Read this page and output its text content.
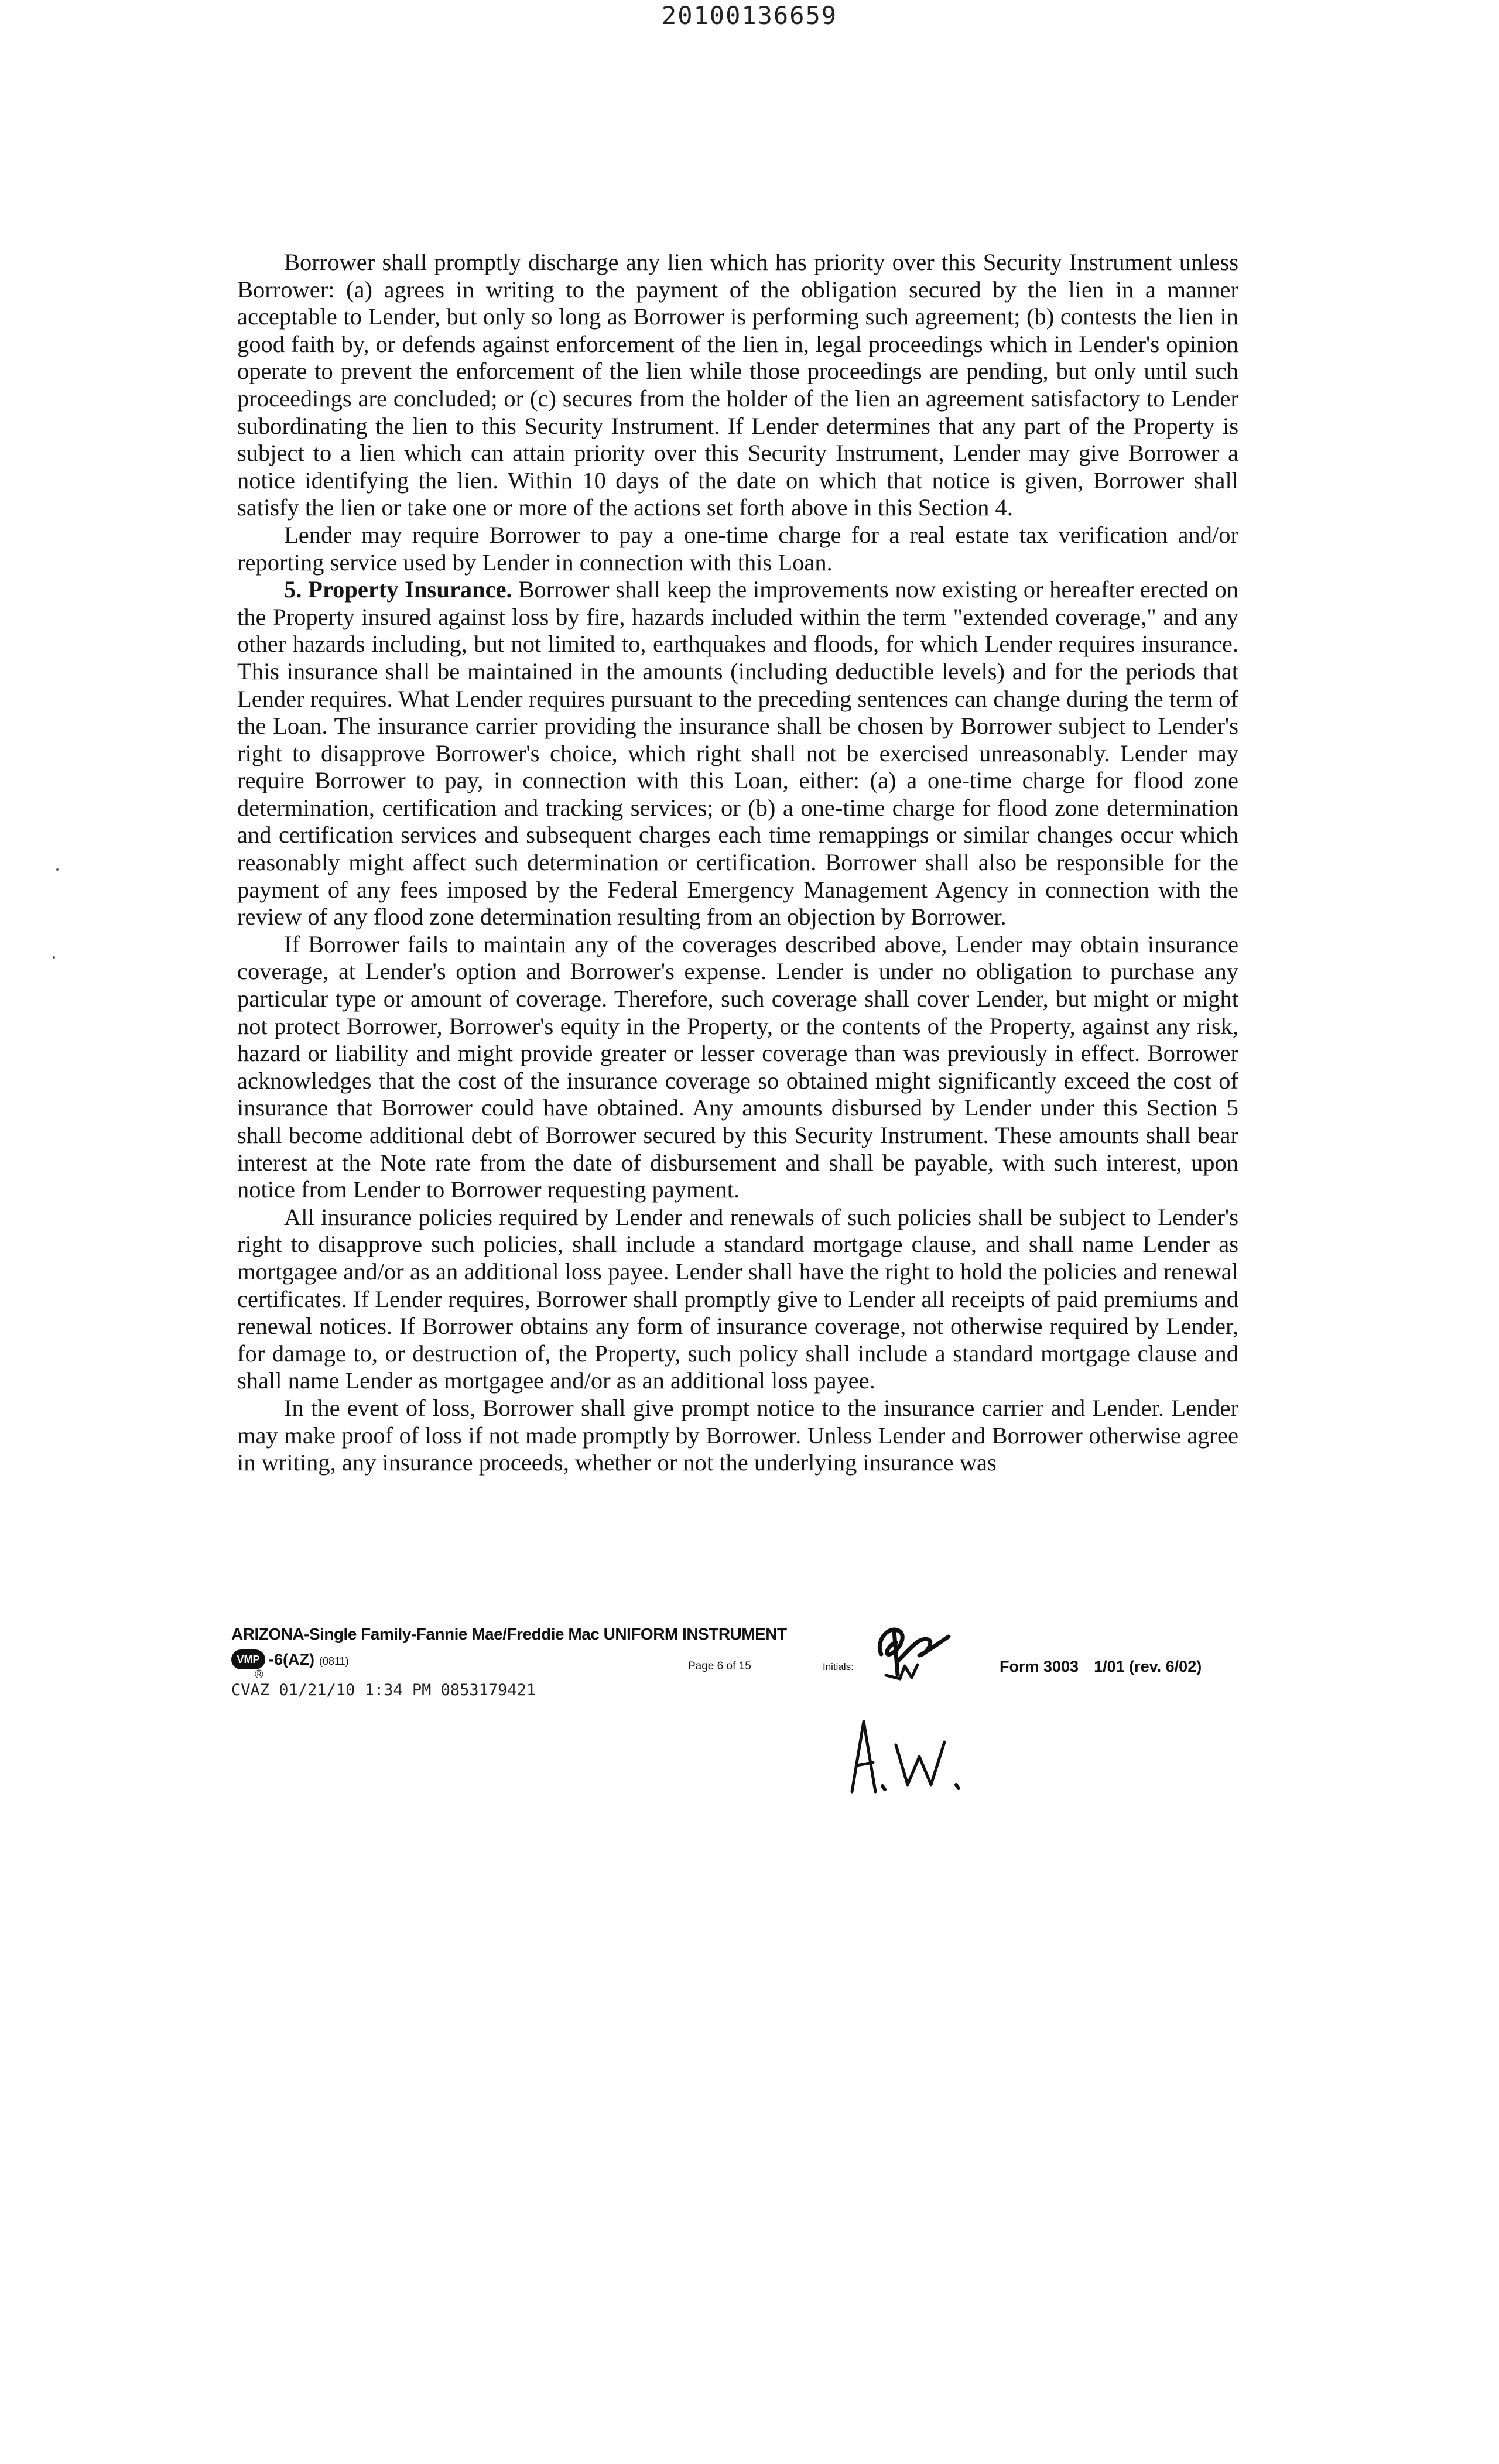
20100136659

Borrower shall promptly discharge any lien which has priority over this Security Instrument unless Borrower: (a) agrees in writing to the payment of the obligation secured by the lien in a manner acceptable to Lender, but only so long as Borrower is performing such agreement; (b) contests the lien in good faith by, or defends against enforcement of the lien in, legal proceedings which in Lender's opinion operate to prevent the enforcement of the lien while those proceedings are pending, but only until such proceedings are concluded; or (c) secures from the holder of the lien an agreement satisfactory to Lender subordinating the lien to this Security Instrument. If Lender determines that any part of the Property is subject to a lien which can attain priority over this Security Instrument, Lender may give Borrower a notice identifying the lien. Within 10 days of the date on which that notice is given, Borrower shall satisfy the lien or take one or more of the actions set forth above in this Section 4.

Lender may require Borrower to pay a one-time charge for a real estate tax verification and/or reporting service used by Lender in connection with this Loan.

5. Property Insurance. Borrower shall keep the improvements now existing or hereafter erected on the Property insured against loss by fire, hazards included within the term "extended coverage," and any other hazards including, but not limited to, earthquakes and floods, for which Lender requires insurance. This insurance shall be maintained in the amounts (including deductible levels) and for the periods that Lender requires. What Lender requires pursuant to the preceding sentences can change during the term of the Loan. The insurance carrier providing the insurance shall be chosen by Borrower subject to Lender's right to disapprove Borrower's choice, which right shall not be exercised unreasonably. Lender may require Borrower to pay, in connection with this Loan, either: (a) a one-time charge for flood zone determination, certification and tracking services; or (b) a one-time charge for flood zone determination and certification services and subsequent charges each time remappings or similar changes occur which reasonably might affect such determination or certification. Borrower shall also be responsible for the payment of any fees imposed by the Federal Emergency Management Agency in connection with the review of any flood zone determination resulting from an objection by Borrower.

If Borrower fails to maintain any of the coverages described above, Lender may obtain insurance coverage, at Lender's option and Borrower's expense. Lender is under no obligation to purchase any particular type or amount of coverage. Therefore, such coverage shall cover Lender, but might or might not protect Borrower, Borrower's equity in the Property, or the contents of the Property, against any risk, hazard or liability and might provide greater or lesser coverage than was previously in effect. Borrower acknowledges that the cost of the insurance coverage so obtained might significantly exceed the cost of insurance that Borrower could have obtained. Any amounts disbursed by Lender under this Section 5 shall become additional debt of Borrower secured by this Security Instrument. These amounts shall bear interest at the Note rate from the date of disbursement and shall be payable, with such interest, upon notice from Lender to Borrower requesting payment.

All insurance policies required by Lender and renewals of such policies shall be subject to Lender's right to disapprove such policies, shall include a standard mortgage clause, and shall name Lender as mortgagee and/or as an additional loss payee. Lender shall have the right to hold the policies and renewal certificates. If Lender requires, Borrower shall promptly give to Lender all receipts of paid premiums and renewal notices. If Borrower obtains any form of insurance coverage, not otherwise required by Lender, for damage to, or destruction of, the Property, such policy shall include a standard mortgage clause and shall name Lender as mortgagee and/or as an additional loss payee.

In the event of loss, Borrower shall give prompt notice to the insurance carrier and Lender. Lender may make proof of loss if not made promptly by Borrower. Unless Lender and Borrower otherwise agree in writing, any insurance proceeds, whether or not the underlying insurance was

ARIZONA-Single Family-Fannie Mae/Freddie Mac UNIFORM INSTRUMENT
VMP
®
-6(AZ) (0811)	Page 6 of 15	Initials:	Form 3003 1/01 (rev. 6/02)
CVAZ 01/21/10 1:34 PM 0853179421
